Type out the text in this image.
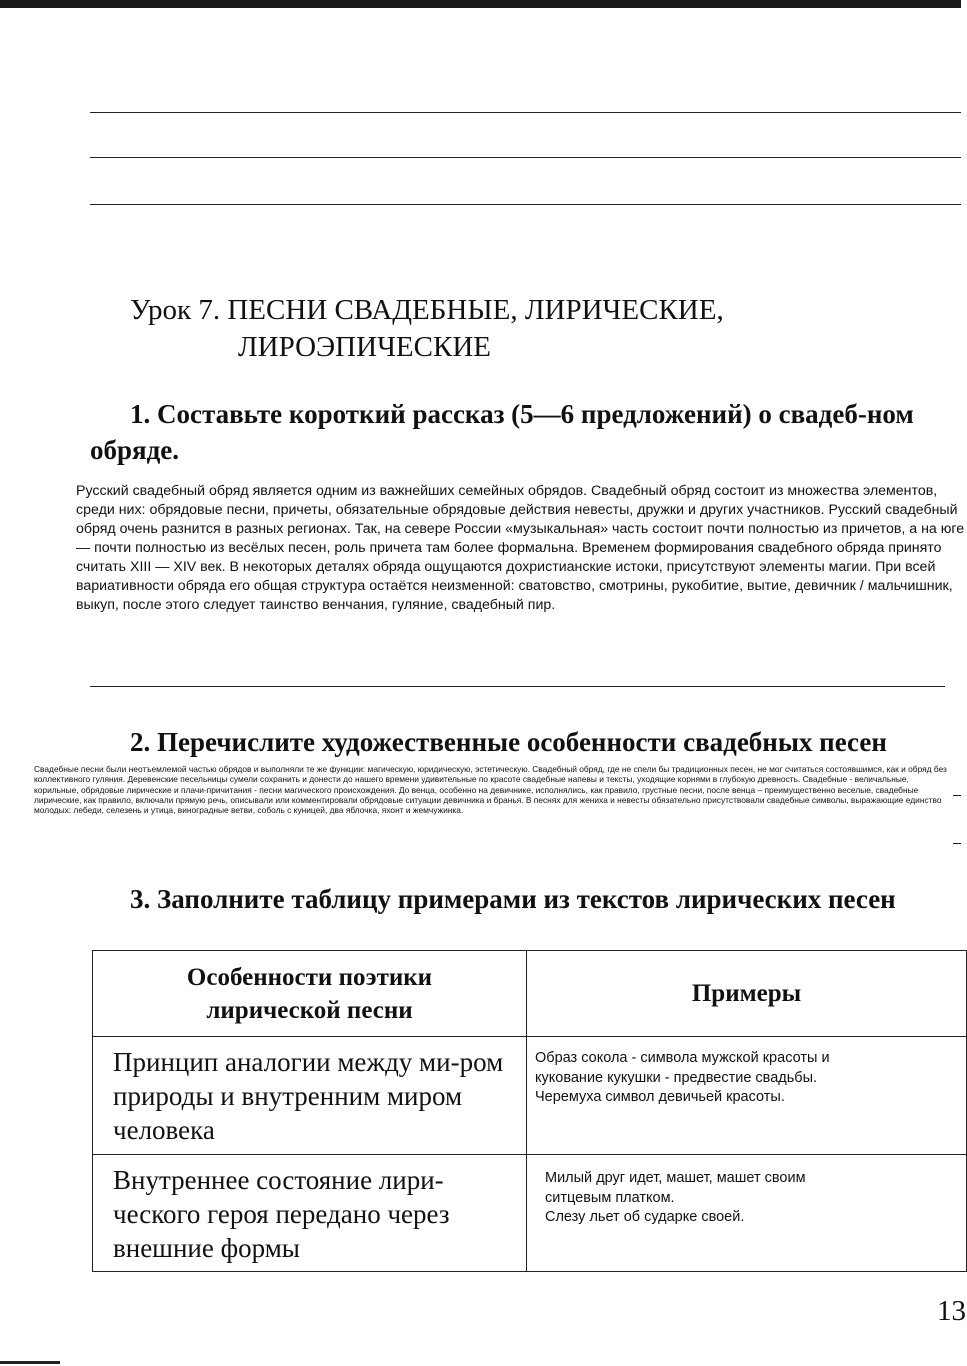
Урок 7. ПЕСНИ СВАДЕБНЫЕ, ЛИРИЧЕСКИЕ,
ЛИРОЭПИЧЕСКИЕ
1. Составьте короткий рассказ (5—6 предложений) о свадеб-ном обряде.

Русский свадебный обряд является одним из важнейших семейных обрядов. Свадебный обряд состоит из множества элементов, среди них: обрядовые песни, причеты, обязательные обрядовые действия невесты, дружки и других участников. Русский свадебный обряд очень разнится в разных регионах. Так, на севере России «музыкальная» часть состоит почти полностью из причетов, а на юге — почти полностью из весёлых песен, роль причета там более формальна. Временем формирования свадебного обряда принято считать XIII — XIV век. В некоторых деталях обряда ощущаются дохристианские истоки, присутствуют элементы магии. При всей вариативности обряда его общая структура остаётся неизменной: сватовство, смотрины, рукобитие, вытие, девичник / мальчишник, выкуп, после этого следует таинство венчания, гуляние, свадебный пир.

2. Перечислите художественные особенности свадебных песен

Свадебные песни были неотъемлемой частью обрядов и выполняли те же функции: магическую, юридическую, эстетическую. Свадебный обряд, где не спели бы традиционных песен, не мог считаться состоявшимся, как и обряд без коллективного гуляния. Деревенские песельницы сумели сохранить и донести до нашего времени удивительные по красоте свадебные напевы и тексты, уходящие корнями в глубокую древность. Свадебные - величальные, корильные, обрядовые лирические и плачи-причитания - песни магического происхождения. До венца, особенно на девичнике, исполнялись, как правило, грустные песни, после венца – преимущественно веселые, свадебные лирические, как правило, включали прямую речь, описывали или комментировали обрядовые ситуации девичника и бранья. В песнях для жениха и невесты обязательно присутствовали свадебные символы, выражающие единство молодых: лебеди, селезень и утица, виноградные ветви, соболь с куницей, два яблочка, яхонт и жемчужинка.

3. Заполните таблицу примерами из текстов лирических песен
Особенности поэтики
лирической песни	Примеры
Принцип аналогии между ми-ром природы и внутренним миром человека	Образ сокола - символа мужской красоты и
кукование кукушки - предвестие свадьбы.
Черемуха символ девичьей красоты.
Внутреннее состояние лири-ческого героя передано через внешние формы	Милый друг идет, машет, машет своим
ситцевым платком.
Слезу льет об сударке своей.
13
